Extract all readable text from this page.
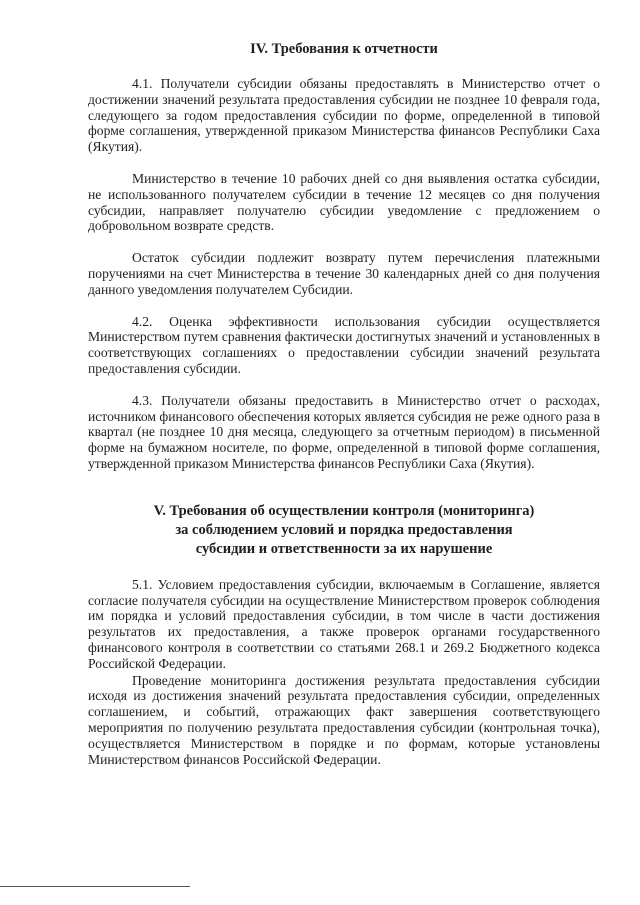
IV. Требования к отчетности

4.1. Получатели субсидии обязаны предоставлять в Министерство отчет о достижении значений результата предоставления субсидии не позднее 10 февраля года, следующего за годом предоставления субсидии по форме, определенной в типовой форме соглашения, утвержденной приказом Министерства финансов Республики Саха (Якутия).

Министерство в течение 10 рабочих дней со дня выявления остатка субсидии, не использованного получателем субсидии в течение 12 месяцев со дня получения субсидии, направляет получателю субсидии уведомление с предложением о добровольном возврате средств.

Остаток субсидии подлежит возврату путем перечисления платежными поручениями на счет Министерства в течение 30 календарных дней со дня получения данного уведомления получателем Субсидии.

4.2. Оценка эффективности использования субсидии осуществляется Министерством путем сравнения фактически достигнутых значений и установленных в соответствующих соглашениях о предоставлении субсидии значений результата предоставления субсидии.

4.3. Получатели обязаны предоставить в Министерство отчет о расходах, источником финансового обеспечения которых является субсидия не реже одного раза в квартал (не позднее 10 дня месяца, следующего за отчетным периодом) в письменной форме на бумажном носителе, по форме, определенной в типовой форме соглашения, утвержденной приказом Министерства финансов Республики Саха (Якутия).

V. Требования об осуществлении контроля (мониторинга)
за соблюдением условий и порядка предоставления
субсидии и ответственности за их нарушение

5.1. Условием предоставления субсидии, включаемым в Соглашение, является согласие получателя субсидии на осуществление Министерством проверок соблюдения им порядка и условий предоставления субсидии, в том числе в части достижения результатов их предоставления, а также проверок органами государственного финансового контроля в соответствии со статьями 268.1 и 269.2 Бюджетного кодекса Российской Федерации.

Проведение мониторинга достижения результата предоставления субсидии исходя из достижения значений результата предоставления субсидии, определенных соглашением, и событий, отражающих факт завершения соответствующего мероприятия по получению результата предоставления субсидии (контрольная точка), осуществляется Министерством в порядке и по формам, которые установлены Министерством финансов Российской Федерации.
